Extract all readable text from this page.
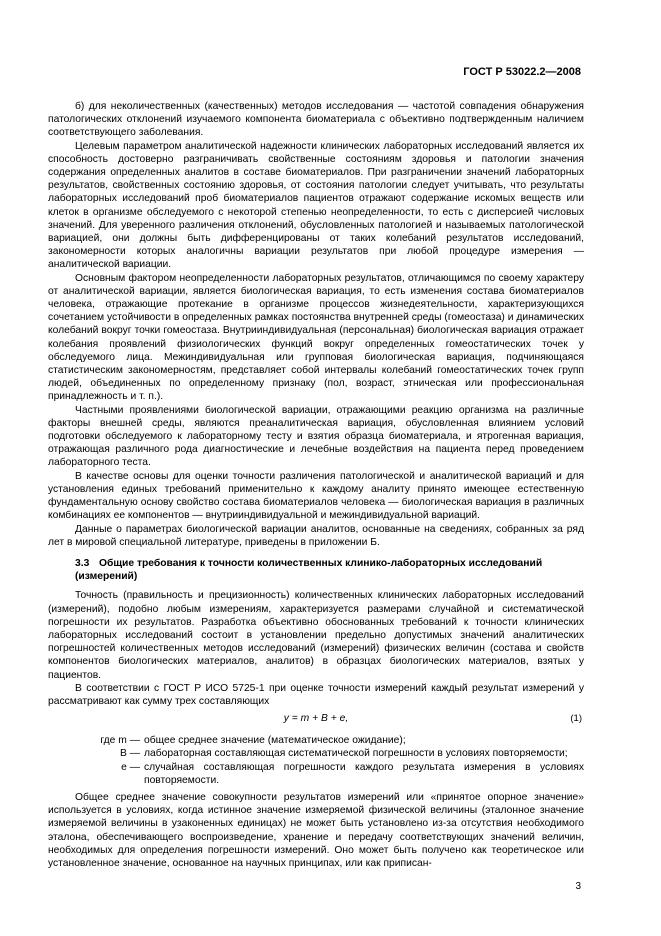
ГОСТ Р 53022.2—2008

б) для неколичественных (качественных) методов исследования — частотой совпадения обнаружения патологических отклонений изучаемого компонента биоматериала с объективно подтвержденным наличием соответствующего заболевания.

Целевым параметром аналитической надежности клинических лабораторных исследований является их способность достоверно разграничивать свойственные состояниям здоровья и патологии значения содержания определенных аналитов в составе биоматериалов. При разграничении значений лабораторных результатов, свойственных состоянию здоровья, от состояния патологии следует учитывать, что результаты лабораторных исследований проб биоматериалов пациентов отражают содержание искомых веществ или клеток в организме обследуемого с некоторой степенью неопределенности, то есть с дисперсией числовых значений. Для уверенного различения отклонений, обусловленных патологией и называемых патологической вариацией, они должны быть дифференцированы от таких колебаний результатов исследований, закономерности которых аналогичны вариации результатов при любой процедуре измерения — аналитической вариации.

Основным фактором неопределенности лабораторных результатов, отличающимся по своему характеру от аналитической вариации, является биологическая вариация, то есть изменения состава биоматериалов человека, отражающие протекание в организме процессов жизнедеятельности, характеризующихся сочетанием устойчивости в определенных рамках постоянства внутренней среды (гомеостаза) и динамических колебаний вокруг точки гомеостаза. Внутрииндивидуальная (персональная) биологическая вариация отражает колебания проявлений физиологических функций вокруг определенных гомеостатических точек у обследуемого лица. Межиндивидуальная или групповая биологическая вариация, подчиняющаяся статистическим закономерностям, представляет собой интервалы колебаний гомеостатических точек групп людей, объединенных по определенному признаку (пол, возраст, этническая или профессиональная принадлежность и т. п.).

Частными проявлениями биологической вариации, отражающими реакцию организма на различные факторы внешней среды, являются преаналитическая вариация, обусловленная влиянием условий подготовки обследуемого к лабораторному тесту и взятия образца биоматериала, и ятрогенная вариация, отражающая различного рода диагностические и лечебные воздействия на пациента перед проведением лабораторного теста.

В качестве основы для оценки точности различения патологической и аналитической вариаций и для установления единых требований применительно к каждому аналиту принято имеющее естественную фундаментальную основу свойство состава биоматериалов человека — биологическая вариация в различных комбинациях ее компонентов — внутрииндивидуальной и межиндивидуальной вариаций.

Данные о параметрах биологической вариации аналитов, основанные на сведениях, собранных за ряд лет в мировой специальной литературе, приведены в приложении Б.

3.3 Общие требования к точности количественных клинико-лабораторных исследований (измерений)

Точность (правильность и прецизионность) количественных клинических лабораторных исследований (измерений), подобно любым измерениям, характеризуется размерами случайной и систематической погрешности их результатов. Разработка объективно обоснованных требований к точности клинических лабораторных исследований состоит в установлении предельно допустимых значений аналитических погрешностей количественных методов исследований (измерений) физических величин (состава и свойств компонентов биологических материалов, аналитов) в образцах биологических материалов, взятых у пациентов.

В соответствии с ГОСТ Р ИСО 5725-1 при оценке точности измерений каждый результат измерений y рассматривают как сумму трех составляющих

y = m + B + e,	(1)
где m — общее среднее значение (математическое ожидание);
B — лабораторная составляющая систематической погрешности в условиях повторяемости;
e — случайная составляющая погрешности каждого результата измерения в условиях повторяемости.

Общее среднее значение совокупности результатов измерений или «принятое опорное значение» используется в условиях, когда истинное значение измеряемой физической величины (эталонное значение измеряемой величины в узаконенных единицах) не может быть установлено из-за отсутствия необходимого эталона, обеспечивающего воспроизведение, хранение и передачу соответствующих значений величин, необходимых для определения погрешности измерений. Оно может быть получено как теоретическое или установленное значение, основанное на научных принципах, или как приписан-

3
